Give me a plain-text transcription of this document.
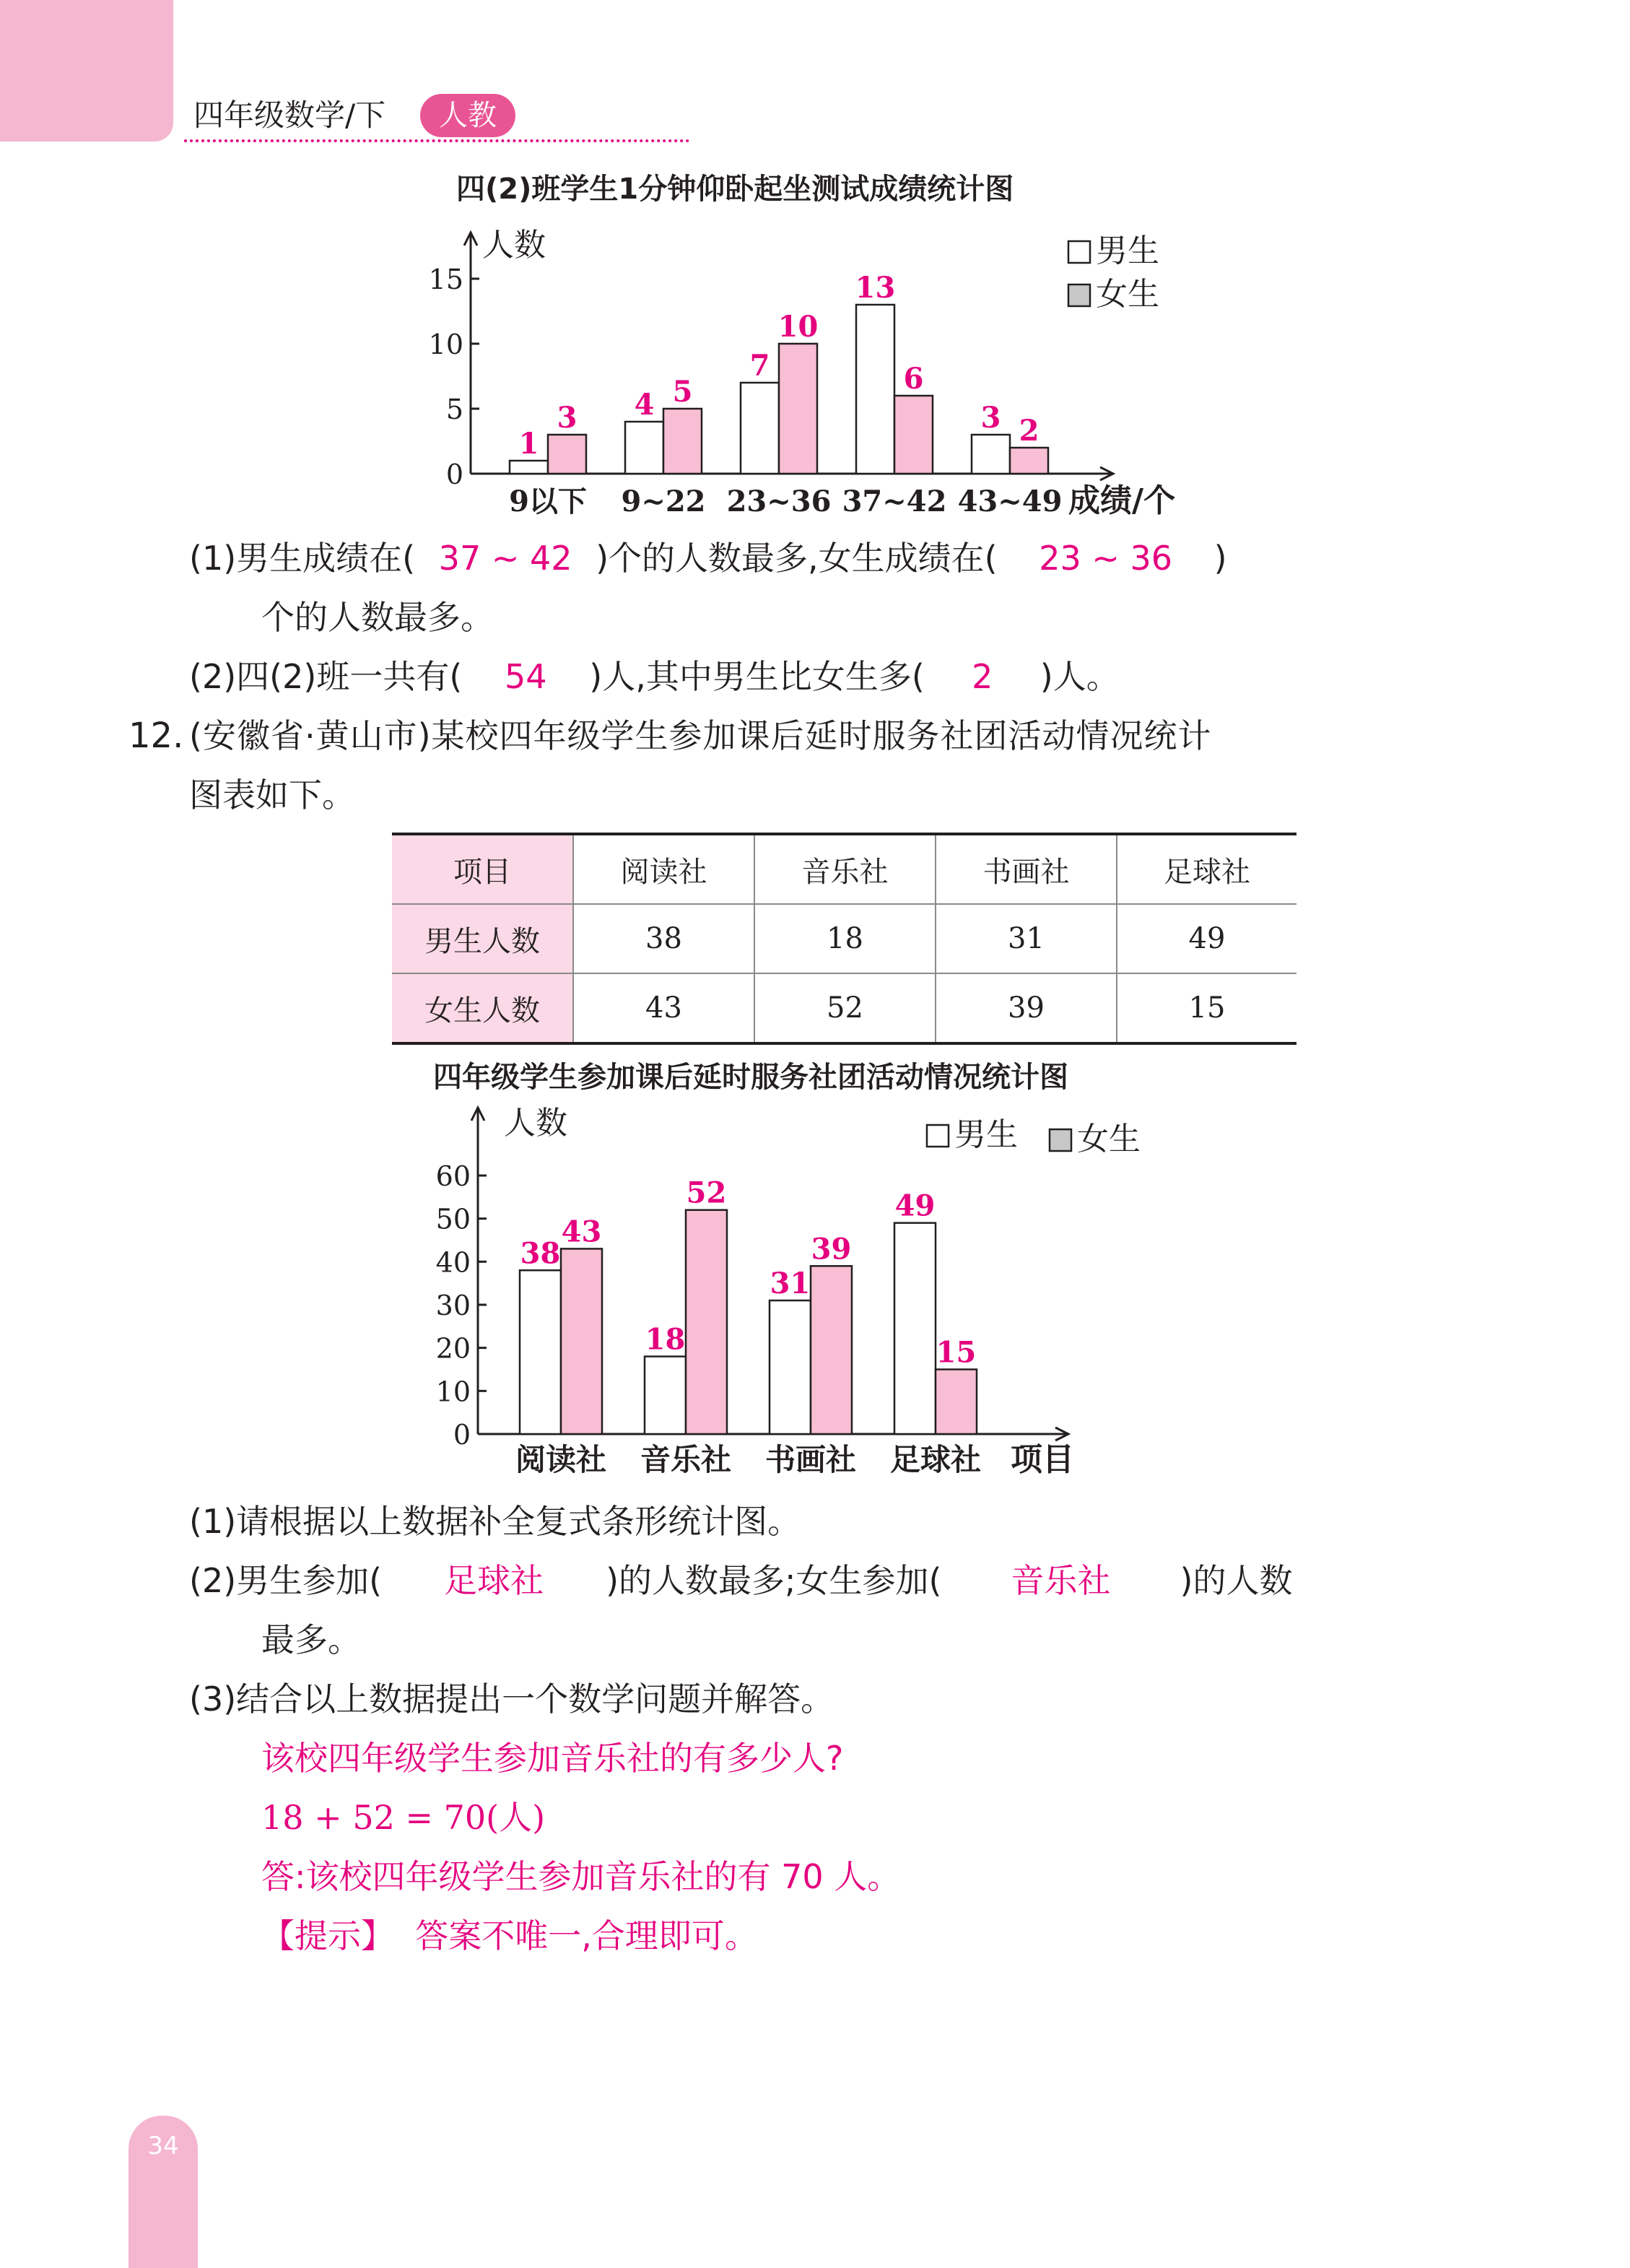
四年级数学/下	人教
四(2)班学生1分钟仰卧起坐测试成绩统计图
0
5
10
15
人数
成绩/个
男生
女生
1
3
9以下
4 5
9~22
7
10
23~36
13
6
37~42
3 2
43~49
(1)男生成绩在( 37 ~ 42 )个的人数最多,女生成绩在( 23 ~ 36 )
个的人数最多。
(2)四(2)班一共有( 54 )人,其中男生比女生多( 2 )人。
12. (安徽省·黄山市)某校四年级学生参加课后延时服务社团活动情况统计
图表如下。
项目	阅读社	音乐社	书画社	足球社
男生人数	38	18	31	49
女生人数	43	52	39	15
四年级学生参加课后延时服务社团活动情况统计图
0
10
20
30
40
50
60
人数
项目
男生 女生
38
43
阅读社
18
52
音乐社
31
39
书画社
49
15
足球社
(1)请根据以上数据补全复式条形统计图。
(2)男生参加( 足球社 )的人数最多;女生参加( 音乐社 )的人数
最多。
(3)结合以上数据提出一个数学问题并解答。
该校四年级学生参加音乐社的有多少人?
18 + 52 = 70(人)
答:该校四年级学生参加音乐社的有 70 人。
【提示】  答案不唯一,合理即可。
34
